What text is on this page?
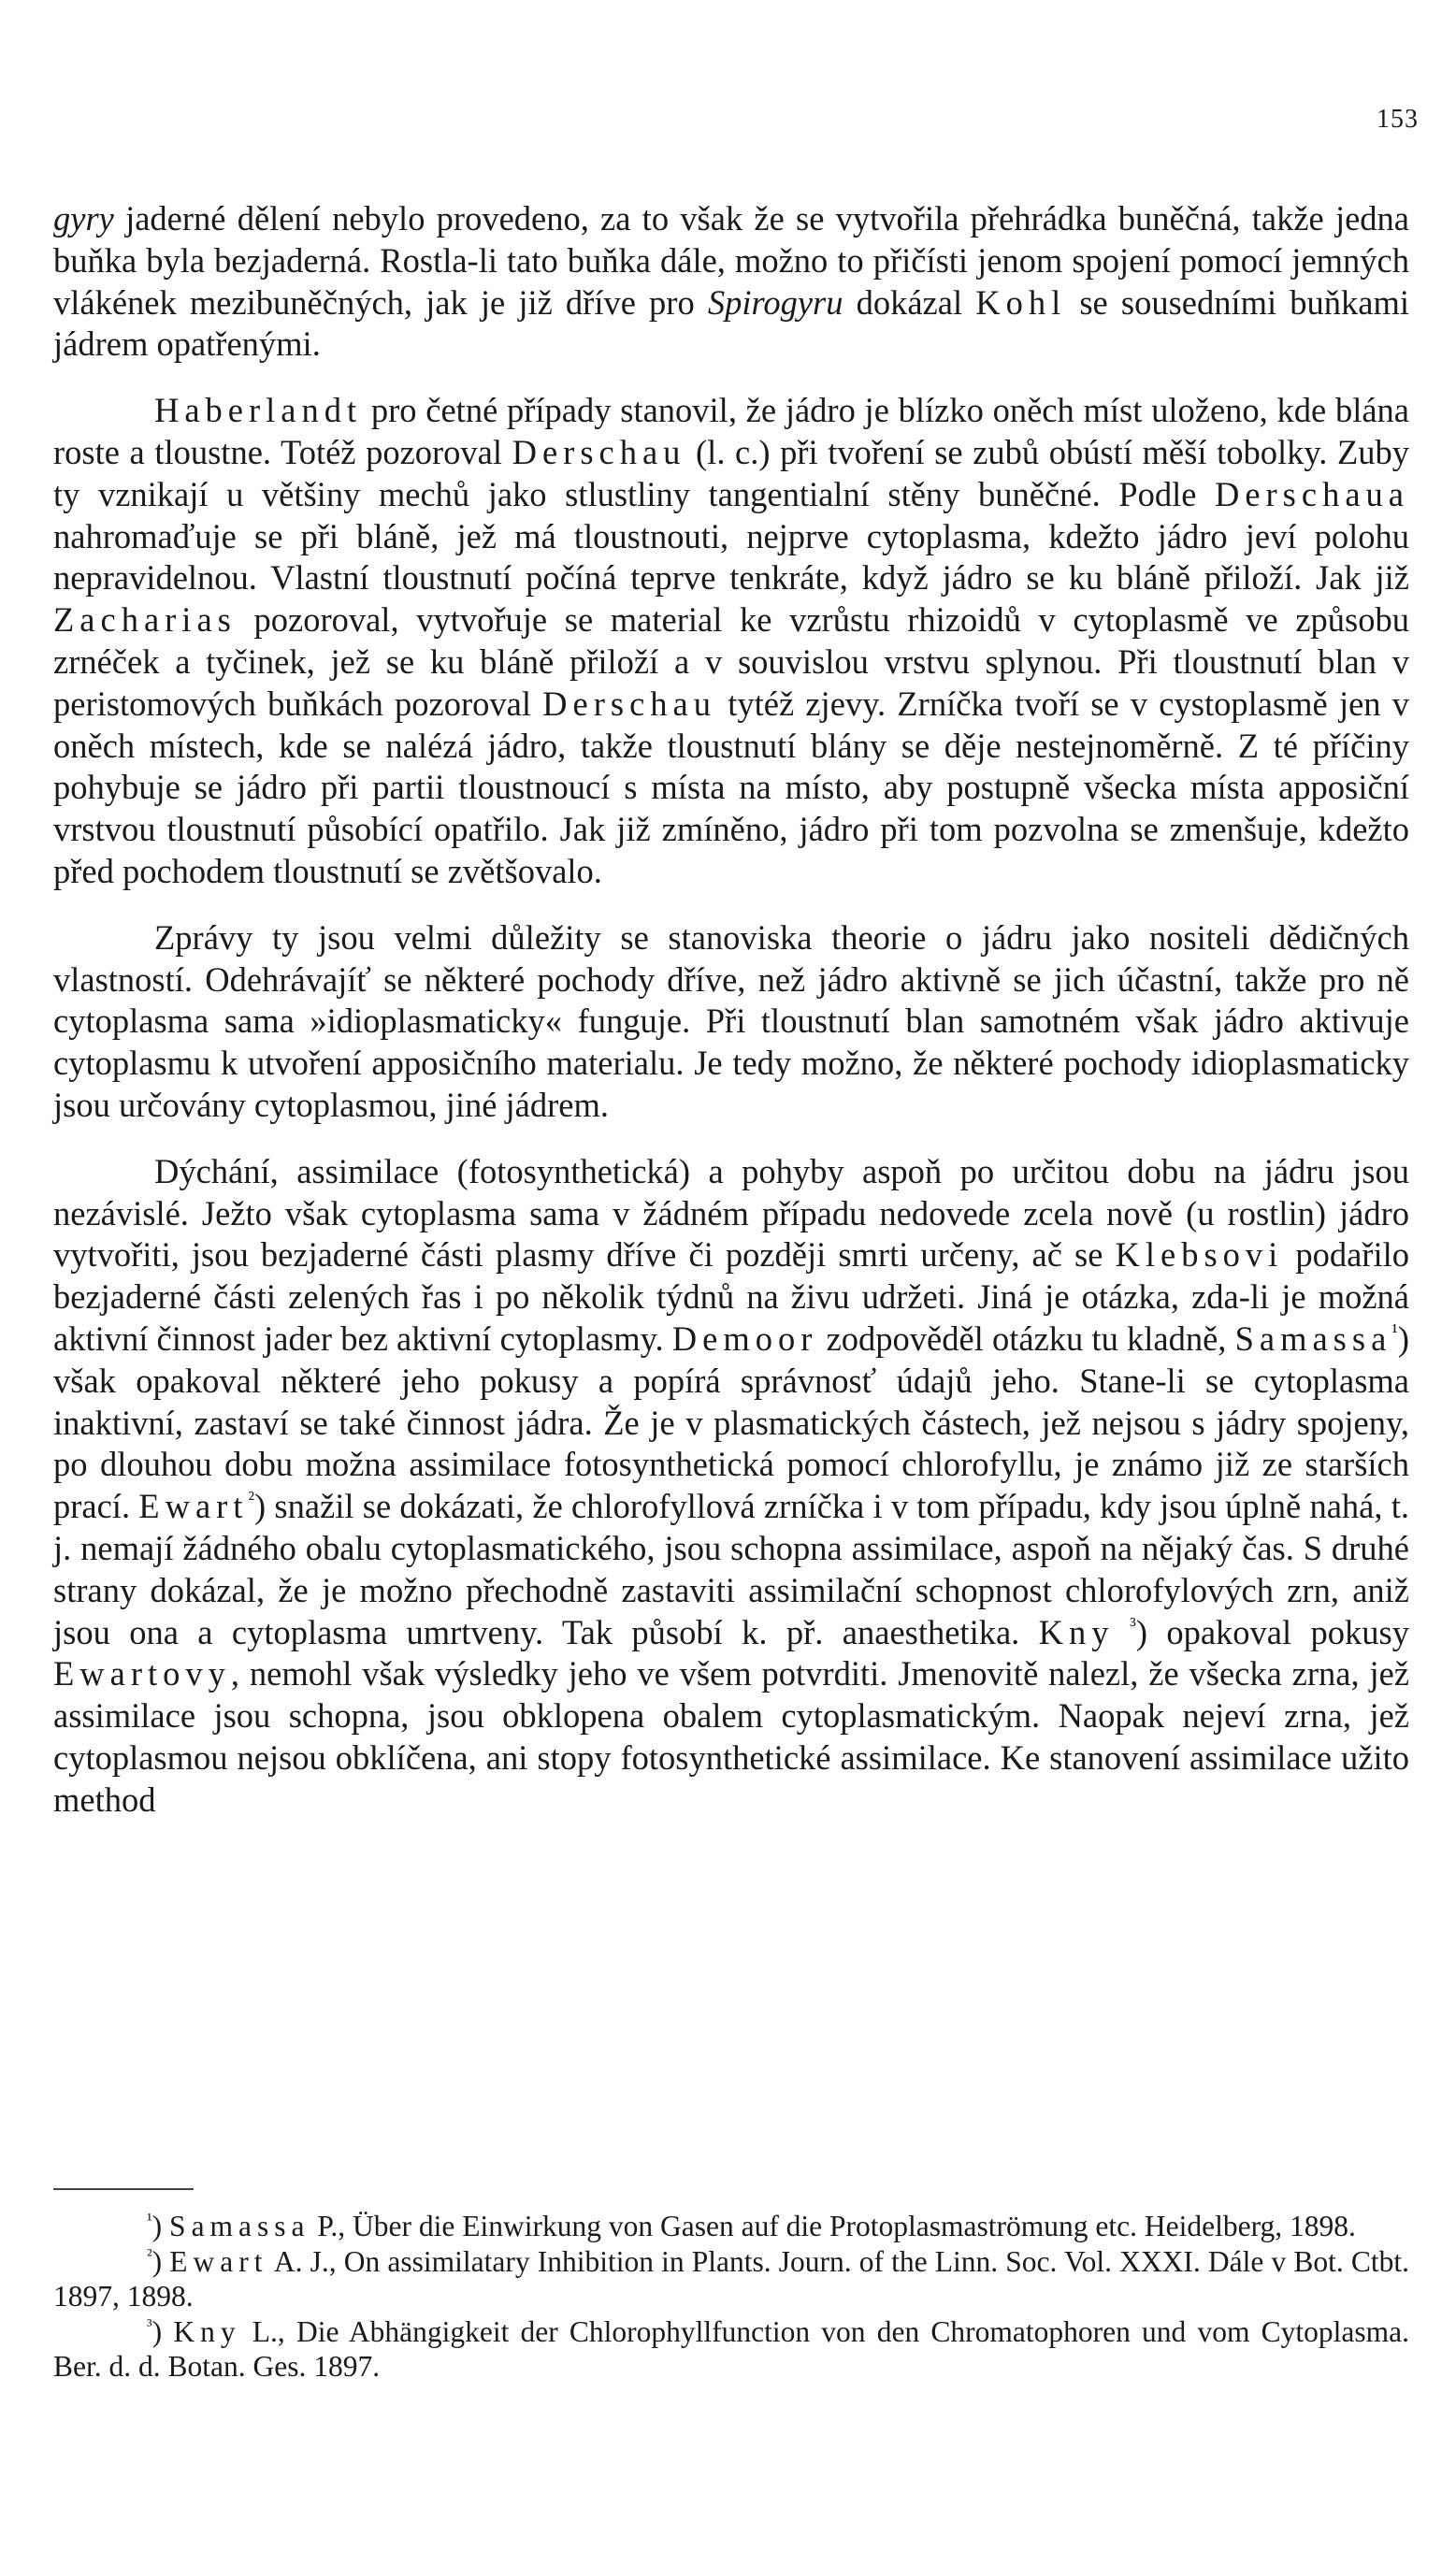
153

gyry jaderné dělení nebylo provedeno, za to však že se vytvořila přehrádka buněčná, takže jedna buňka byla bezjaderná. Rostla-li tato buňka dále, možno to přičísti jenom spojení pomocí jemných vlákének mezibuněčných, jak je již dříve pro Spirogyru dokázal Kohl se sousedními buňkami jádrem opatřenými.

Haberlandt pro četné případy stanovil, že jádro je blízko oněch míst uloženo, kde blána roste a tloustne. Totéž pozoroval Derschau (l. c.) při tvoření se zubů obústí měší tobolky. Zuby ty vznikají u většiny mechů jako stlustliny tangentialní stěny buněčné. Podle Derschaua nahromaďuje se při bláně, jež má tloustnouti, nejprve cytoplasma, kdežto jádro jeví polohu nepravidelnou. Vlastní tloustnutí počíná teprve tenkráte, když jádro se ku bláně přiloží. Jak již Zacharias pozoroval, vytvořuje se material ke vzrůstu rhizoidů v cytoplasmě ve způsobu zrnéček a tyčinek, jež se ku bláně přiloží a v souvislou vrstvu splynou. Při tloustnutí blan v peristomových buňkách pozoroval Derschau tytéž zjevy. Zrníčka tvoří se v cystoplasmě jen v oněch místech, kde se nalézá jádro, takže tloustnutí blány se děje nestejnoměrně. Z té příčiny pohybuje se jádro při partii tloustnoucí s místa na místo, aby postupně všecka místa apposiční vrstvou tloustnutí působící opatřilo. Jak již zmíněno, jádro při tom pozvolna se zmenšuje, kdežto před pochodem tloustnutí se zvětšovalo.

Zprávy ty jsou velmi důležity se stanoviska theorie o jádru jako nositeli dědičných vlastností. Odehrávajíť se některé pochody dříve, než jádro aktivně se jich účastní, takže pro ně cytoplasma sama »idioplasmaticky« funguje. Při tloustnutí blan samotném však jádro aktivuje cytoplasmu k utvoření apposičního materialu. Je tedy možno, že některé pochody idioplasmaticky jsou určovány cytoplasmou, jiné jádrem.

Dýchání, assimilace (fotosynthetická) a pohyby aspoň po určitou dobu na jádru jsou nezávislé. Ježto však cytoplasma sama v žádném případu nedovede zcela nově (u rostlin) jádro vytvořiti, jsou bezjaderné části plasmy dříve či později smrti určeny, ač se Klebsovi podařilo bezjaderné části zelených řas i po několik týdnů na živu udržeti. Jiná je otázka, zda-li je možná aktivní činnost jader bez aktivní cytoplasmy. Demoor zodpověděl otázku tu kladně, Samassa$^{^1}$) však opakoval některé jeho pokusy a popírá správnosť údajů jeho. Stane-li se cytoplasma inaktivní, zastaví se také činnost jádra. Že je v plasmatických částech, jež nejsou s jádry spojeny, po dlouhou dobu možna assimilace fotosynthetická pomocí chlorofyllu, je známo již ze starších prací. Ewart$^{^2}$) snažil se dokázati, že chlorofyllová zrníčka i v tom případu, kdy jsou úplně nahá, t. j. nemají žádného obalu cytoplasmatického, jsou schopna assimilace, aspoň na nějaký čas. S druhé strany dokázal, že je možno přechodně zastaviti assimilační schopnost chlorofylových zrn, aniž jsou ona a cytoplasma umrtveny. Tak působí k. př. anaesthetika. Kny $^{^3}$) opakoval pokusy Ewartovy, nemohl však výsledky jeho ve všem potvrditi. Jmenovitě nalezl, že všecka zrna, jež assimilace jsou schopna, jsou obklopena obalem cytoplasmatickým. Naopak nejeví zrna, jež cytoplasmou nejsou obklíčena, ani stopy fotosynthetické assimilace. Ke stanovení assimilace užito method

$^{^1}$) Samassa P., Über die Einwirkung von Gasen auf die Protoplasmaströmung etc. Heidelberg, 1898.

$^{^2}$) Ewart A. J., On assimilatary Inhibition in Plants. Journ. of the Linn. Soc. Vol. XXXI. Dále v Bot. Ctbt. 1897, 1898.

$^{^3}$) Kny L., Die Abhängigkeit der Chlorophyllfunction von den Chromatophoren und vom Cytoplasma. Ber. d. d. Botan. Ges. 1897.
